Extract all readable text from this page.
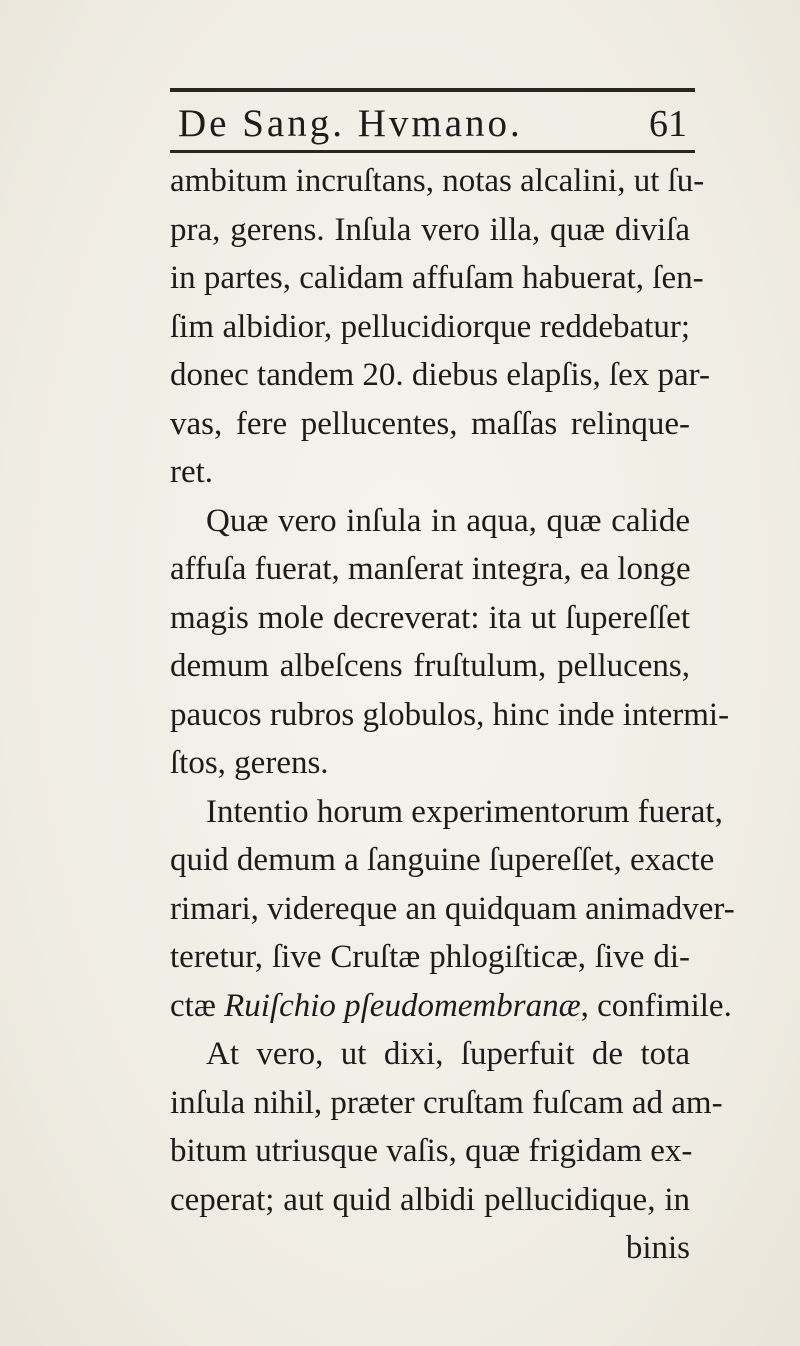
De Sang. Hvmano.	61
ambitum incruſtans, notas alcalini, ut ſu-
pra, gerens. Inſula vero illa, quæ diviſa
in partes, calidam affuſam habuerat, ſen-
ſim albidior, pellucidiorque reddebatur;
donec tandem 20. diebus elapſis, ſex par-
vas, fere pellucentes, maſſas relinque-
ret.
Quæ vero inſula in aqua, quæ calide
affuſa fuerat, manſerat integra, ea longe
magis mole decreverat: ita ut ſupereſſet
demum albeſcens fruſtulum, pellucens,
paucos rubros globulos, hinc inde intermi-
ſtos, gerens.
Intentio horum experimentorum fuerat,
quid demum a ſanguine ſupereſſet, exacte
rimari, videreque an quidquam animadver-
teretur, ſive Cruſtæ phlogiſticæ, ſive di-
ctæ Ruiſchio pſeudomembranæ, confimile.
At vero, ut dixi, ſuperfuit de tota
inſula nihil, præter cruſtam fuſcam ad am-
bitum utriusque vaſis, quæ frigidam ex-
ceperat; aut quid albidi pellucidique, in
binis
